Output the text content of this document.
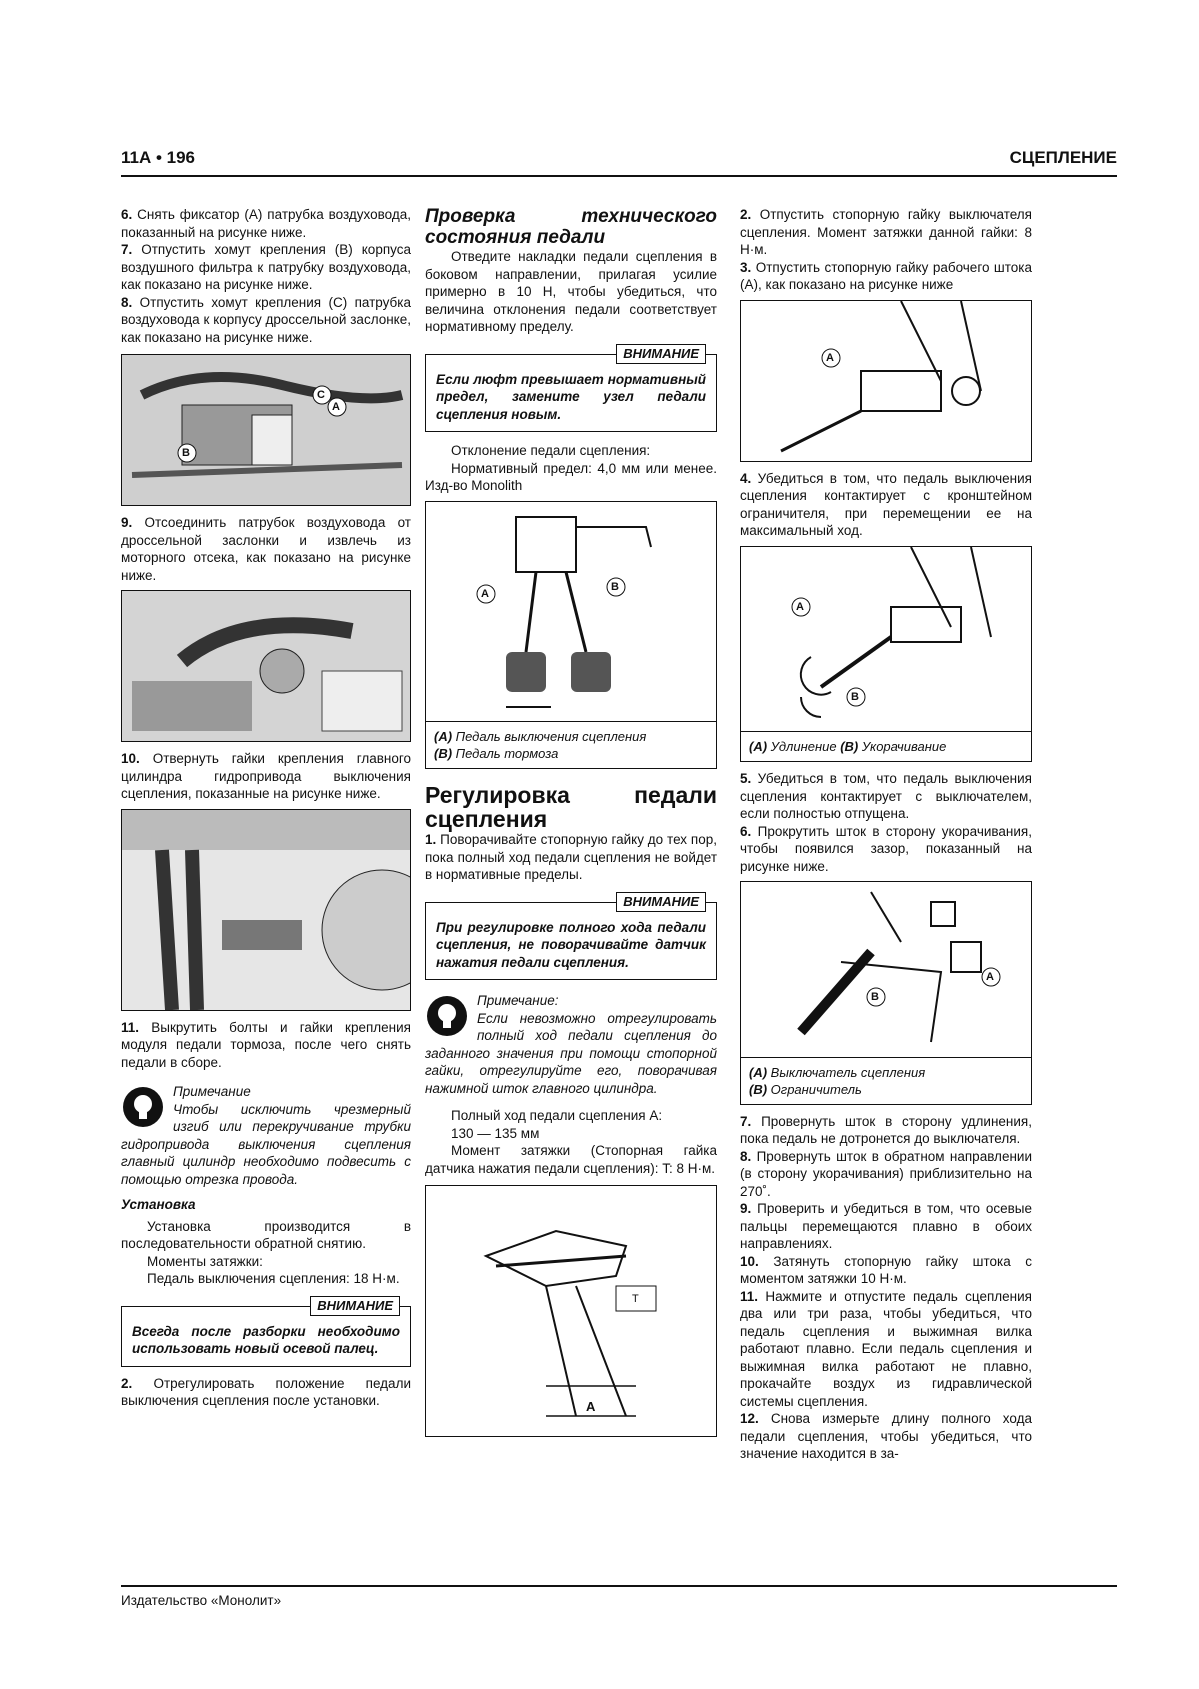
11А • 196	СЦЕПЛЕНИЕ

6. Снять фиксатор (А) патрубка воздуховода, показанный на рисунке ниже.

7. Отпустить хомут крепления (В) корпуса воздушного фильтра к патрубку воздуховода, как показано на рисунке ниже.

8. Отпустить хомут крепления (С) патрубка воздуховода к корпусу дроссельной заслонке, как показано на рисунке ниже.

C
A
B

9. Отсоединить патрубок воздуховода от дроссельной заслонки и извлечь из моторного отсека, как показано на рисунке ниже.

10. Отвернуть гайки крепления главного цилиндра гидропривода выключения сцепления, показанные на рисунке ниже.

11. Выкрутить болты и гайки крепления модуля педали тормоза, после чего снять педали в сборе.

Примечание

Чтобы исключить чрезмерный изгиб или перекручивание трубки гидропривода выключения сцепления главный цилиндр необходимо подвесить с помощью отрезка провода.

Установка

Установка производится в последовательности обратной снятию.

Моменты затяжки:

Педаль выключения сцепления: 18 Н·м.

ВНИМАНИЕ
Всегда после разборки необходимо использовать новый осевой палец.

2. Отрегулировать положение педали выключения сцепления после установки.

Проверка технического состояния педали

Отведите накладки педали сцепления в боковом направлении, прилагая усилие примерно в 10 Н, чтобы убедиться, что величина отклонения педали соответствует нормативному пределу.

ВНИМАНИЕ
Если люфт превышает нормативный предел, замените узел педали сцепления новым.

Отклонение педали сцепления:

Нормативный предел: 4,0 мм или менее. Изд-во Monolith

A
B
(A) Педаль выключения сцепления
(B) Педаль тормоза

Регулировка педали сцепления

1. Поворачивайте стопорную гайку до тех пор, пока полный ход педали сцепления не войдет в нормативные пределы.

ВНИМАНИЕ
При регулировке полного хода педали сцепления, не поворачивайте датчик нажатия педали сцепления.

Примечание:

Если невозможно отрегулировать полный ход педали сцепления до заданного значения при помощи стопорной гайки, отрегулируйте его, поворачивая нажимной шток главного цилиндра.

Полный ход педали сцепления A:

130 — 135 мм

Момент затяжки (Стопорная гайка датчика нажатия педали сцепления): T: 8 Н·м.

T
A

2. Отпустить стопорную гайку выключателя сцепления. Момент затяжки данной гайки: 8 Н·м.

3. Отпустить стопорную гайку рабочего штока (А), как показано на рисунке ниже

A

4. Убедиться в том, что педаль выключения сцепления контактирует с кронштейном ограничителя, при перемещении ее на максимальный ход.

A
B
(A) Удлинение (B) Укорачивание

5. Убедиться в том, что педаль выключения сцепления контактирует с выключателем, если полностью отпущена.

6. Прокрутить шток в сторону укорачивания, чтобы появился зазор, показанный на рисунке ниже.

B
A
(A) Выключатель сцепления
(B) Ограничитель

7. Провернуть шток в сторону удлинения, пока педаль не дотронется до выключателя.

8. Провернуть шток в обратном направлении (в сторону укорачивания) приблизительно на 270˚.

9. Проверить и убедиться в том, что осевые пальцы перемещаются плавно в обоих направлениях.

10. Затянуть стопорную гайку штока с моментом затяжки 10 Н·м.

11. Нажмите и отпустите педаль сцепления два или три раза, чтобы убедиться, что педаль сцепления и выжимная вилка работают плавно. Если педаль сцепления и выжимная вилка работают не плавно, прокачайте воздух из гидравлической системы сцепления.

12. Снова измерьте длину полного хода педали сцепления, чтобы убедиться, что значение находится в за-

Издательство «Монолит»
